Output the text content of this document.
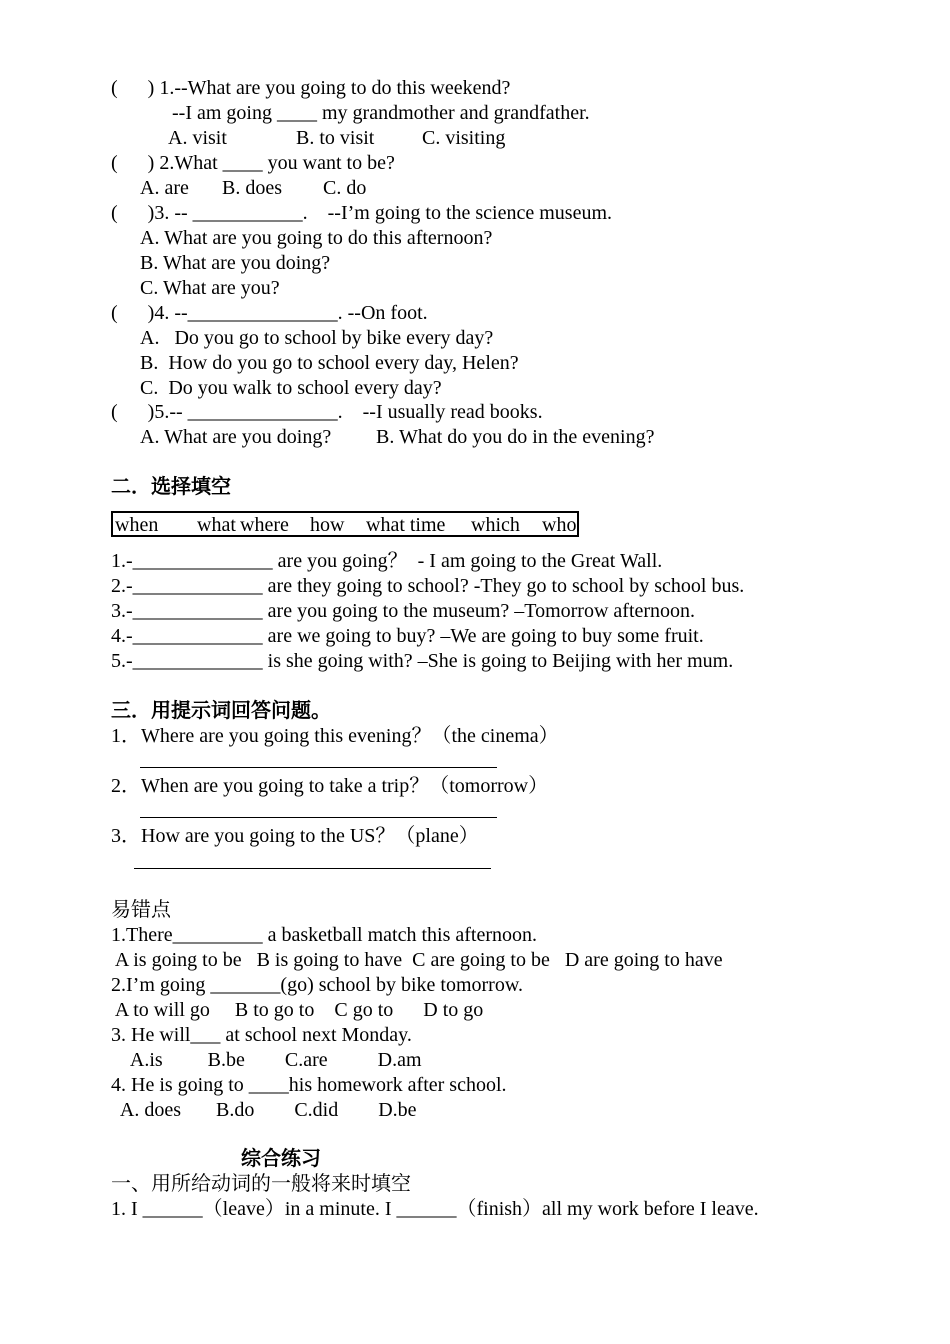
(      ) 1.--What are you going to do this weekend?
--I am going ____ my grandmother and grandfather.
A. visit	B. to visit C. visiting
(      ) 2.What ____ you want to be?
A. are B. does C. do
(      )3. -- ___________.    --I’m going to the science museum.
A. What are you going to do this afternoon?
B. What are you doing?
C. What are you?
(      )4. --_______________. --On foot.
A.   Do you go to school by bike every day?
B.  How do you go to school every day, Helen?
C.  Do you walk to school every day?
(      )5.-- _______________.    --I usually read books.
A. What are you doing? B. What do you do in the evening?
二．选择填空
when what where how what time which who
1.-______________ are you going？  - I am going to the Great Wall.
2.-_____________ are they going to school? -They go to school by school bus.
3.-_____________ are you going to the museum? –Tomorrow afternoon.
4.-_____________ are we going to buy? –We are going to buy some fruit.
5.-_____________ is she going with? –She is going to Beijing with her mum.
三．用提示词回答问题。
1．Where are you going this evening？（the cinema）
2．When are you going to take a trip？（tomorrow）
3．How are you going to the US？（plane）
易错点
1.There_________ a basketball match this afternoon.
A is going to be   B is going to have  C are going to be   D are going to have
2.I’m going _______(go) school by bike tomorrow.
A to will go     B to go to    C go to      D to go
3. He will___ at school next Monday.
A.is         B.be        C.are          D.am
4. He is going to ____his homework after school.
A. does       B.do        C.did        D.be
综合练习
一、用所给动词的一般将来时填空
1. I ______（leave）in a minute. I ______（finish）all my work before I leave.
